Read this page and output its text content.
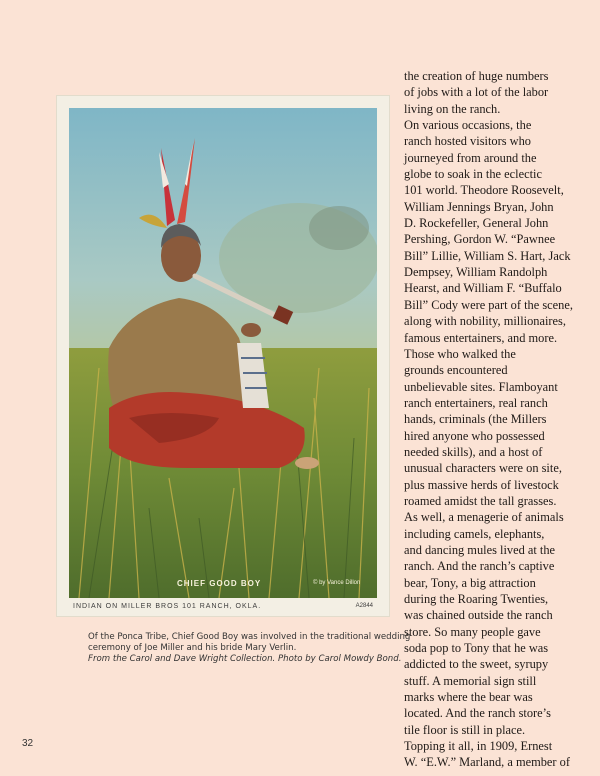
CHIEF GOOD BOY	© by Vance Dillon
INDIAN ON MILLER BROS 101 RANCH, OKLA.	A2844
Of the Ponca Tribe, Chief Good Boy was involved in the traditional wedding
ceremony of Joe Miller and his bride Mary Verlin.
From the Carol and Dave Wright Collection. Photo by Carol Mowdy Bond.
the creation of huge numbers
of jobs with a lot of the labor
living on the ranch.
On various occasions, the
ranch hosted visitors who
journeyed from around the
globe to soak in the eclectic
101 world. Theodore Roosevelt,
William Jennings Bryan, John
D. Rockefeller, General John
Pershing, Gordon W. “Pawnee
Bill” Lillie, William S. Hart, Jack
Dempsey, William Randolph
Hearst, and William F. “Buffalo
Bill” Cody were part of the scene,
along with nobility, millionaires,
famous entertainers, and more.
Those who walked the
grounds encountered
unbelievable sites. Flamboyant
ranch entertainers, real ranch
hands, criminals (the Millers
hired anyone who possessed
needed skills), and a host of
unusual characters were on site,
plus massive herds of livestock
roamed amidst the tall grasses.
As well, a menagerie of animals
including camels, elephants,
and dancing mules lived at the
ranch. And the ranch’s captive
bear, Tony, a big attraction
during the Roaring Twenties,
was chained outside the ranch
store. So many people gave
soda pop to Tony that he was
addicted to the sweet, syrupy
stuff. A memorial sign still
marks where the bear was
located. And the ranch store’s
tile floor is still in place.
Topping it all, in 1909, Ernest
W. “E.W.” Marland, a member of
32
